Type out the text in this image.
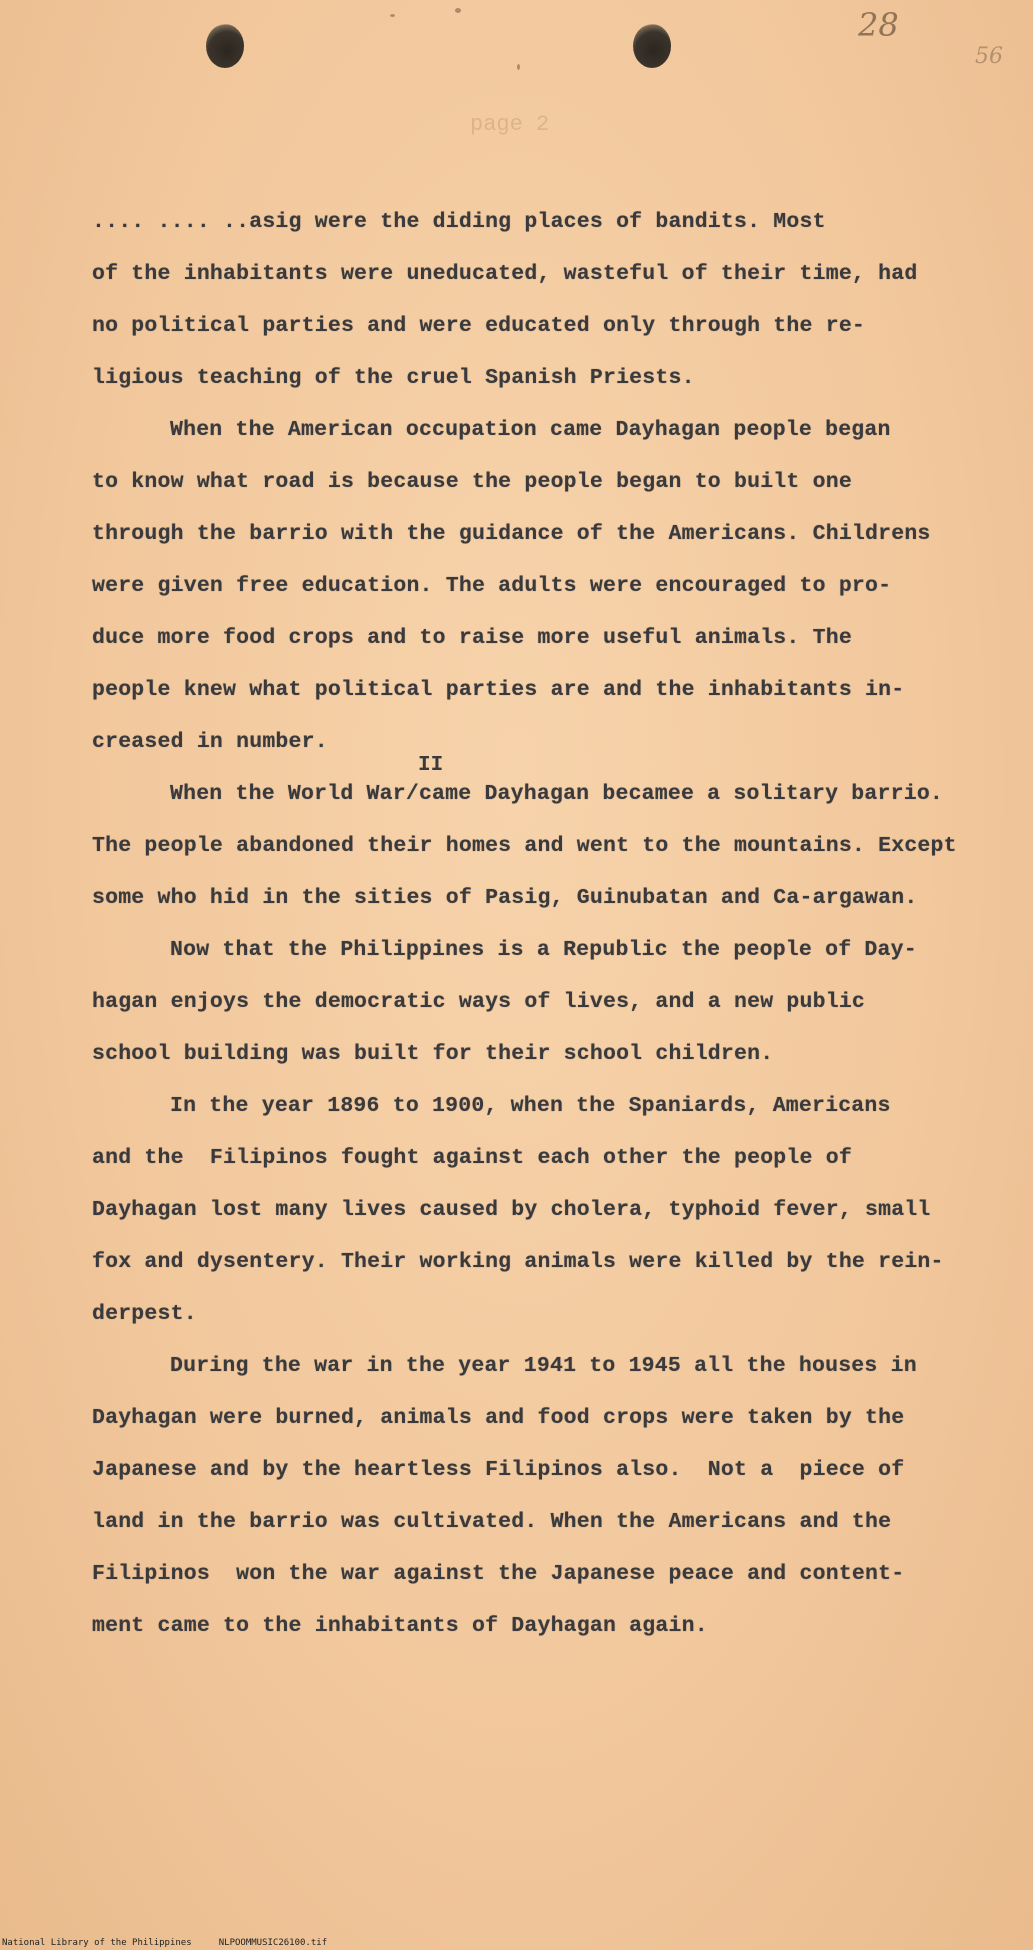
28
56
page 2
II

.... .... ..asig were the diding places of bandits. Most

of the inhabitants were uneducated, wasteful of their time, had

no political parties and were educated only through the re-

ligious teaching of the cruel Spanish Priests.

When the American occupation came Dayhagan people began

to know what road is because the people began to built one

through the barrio with the guidance of the Americans. Childrens

were given free education. The adults were encouraged to pro-

duce more food crops and to raise more useful animals. The

people knew what political parties are and the inhabitants in-

creased in number.

When the World War/came Dayhagan becamee a solitary barrio.

The people abandoned their homes and went to the mountains. Except

some who hid in the sities of Pasig, Guinubatan and Ca-argawan.

Now that the Philippines is a Republic the people of Day-

hagan enjoys the democratic ways of lives, and a new public

school building was built for their school children.

In the year 1896 to 1900, when the Spaniards, Americans

and the  Filipinos fought against each other the people of

Dayhagan lost many lives caused by cholera, typhoid fever, small

fox and dysentery. Their working animals were killed by the rein-

derpest.

During the war in the year 1941 to 1945 all the houses in

Dayhagan were burned, animals and food crops were taken by the

Japanese and by the heartless Filipinos also.  Not a  piece of

land in the barrio was cultivated. When the Americans and the

Filipinos  won the war against the Japanese peace and content-

ment came to the inhabitants of Dayhagan again.

National Library of the Philippines     NLPOOMMUSIC26100.tif
